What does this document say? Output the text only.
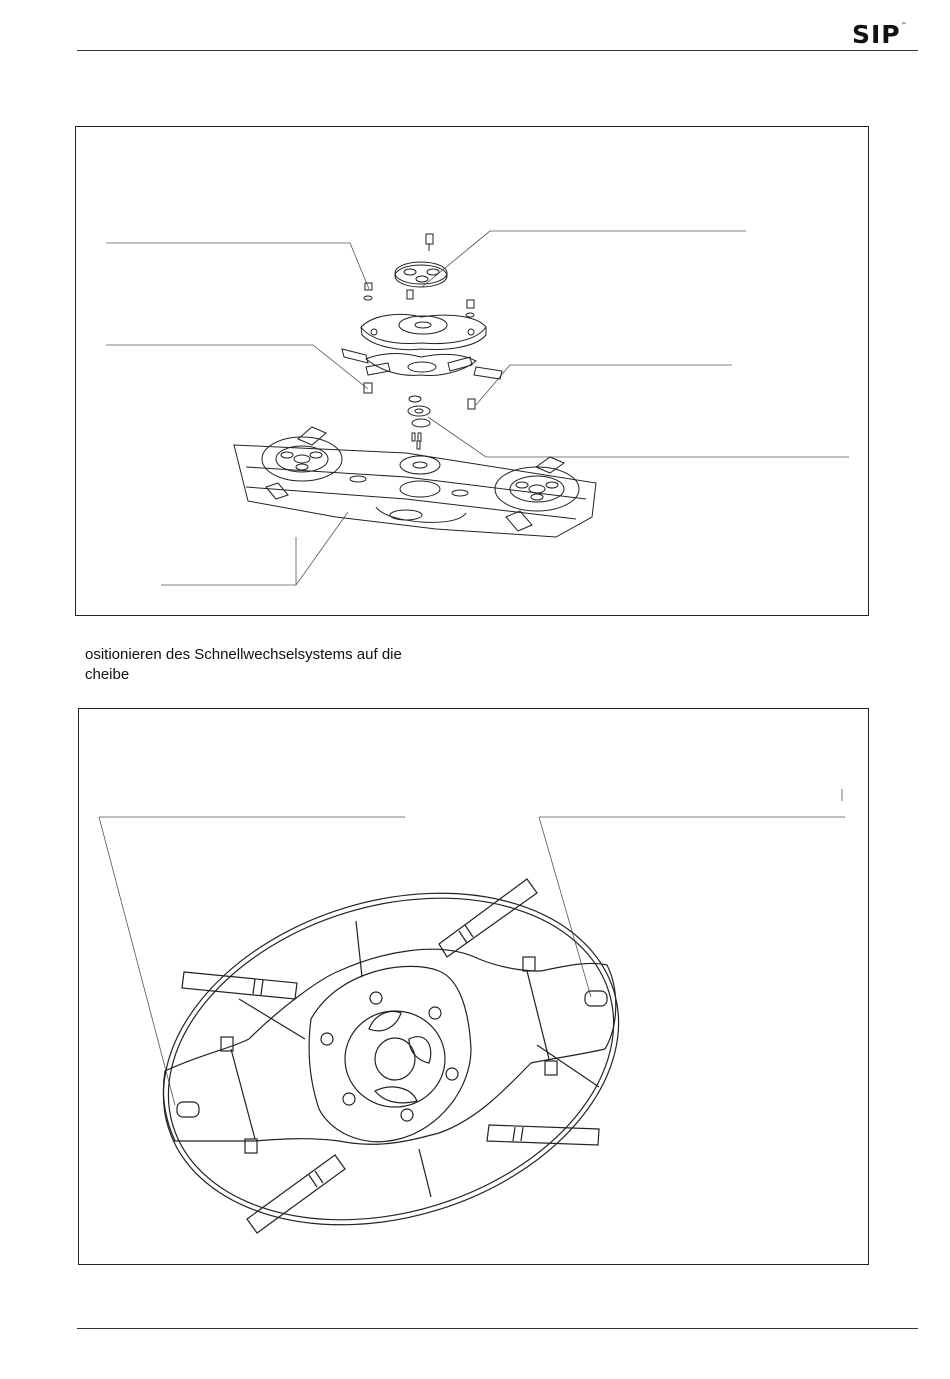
SIP™
ositionieren des Schnellwechselsystems auf die
cheibe
